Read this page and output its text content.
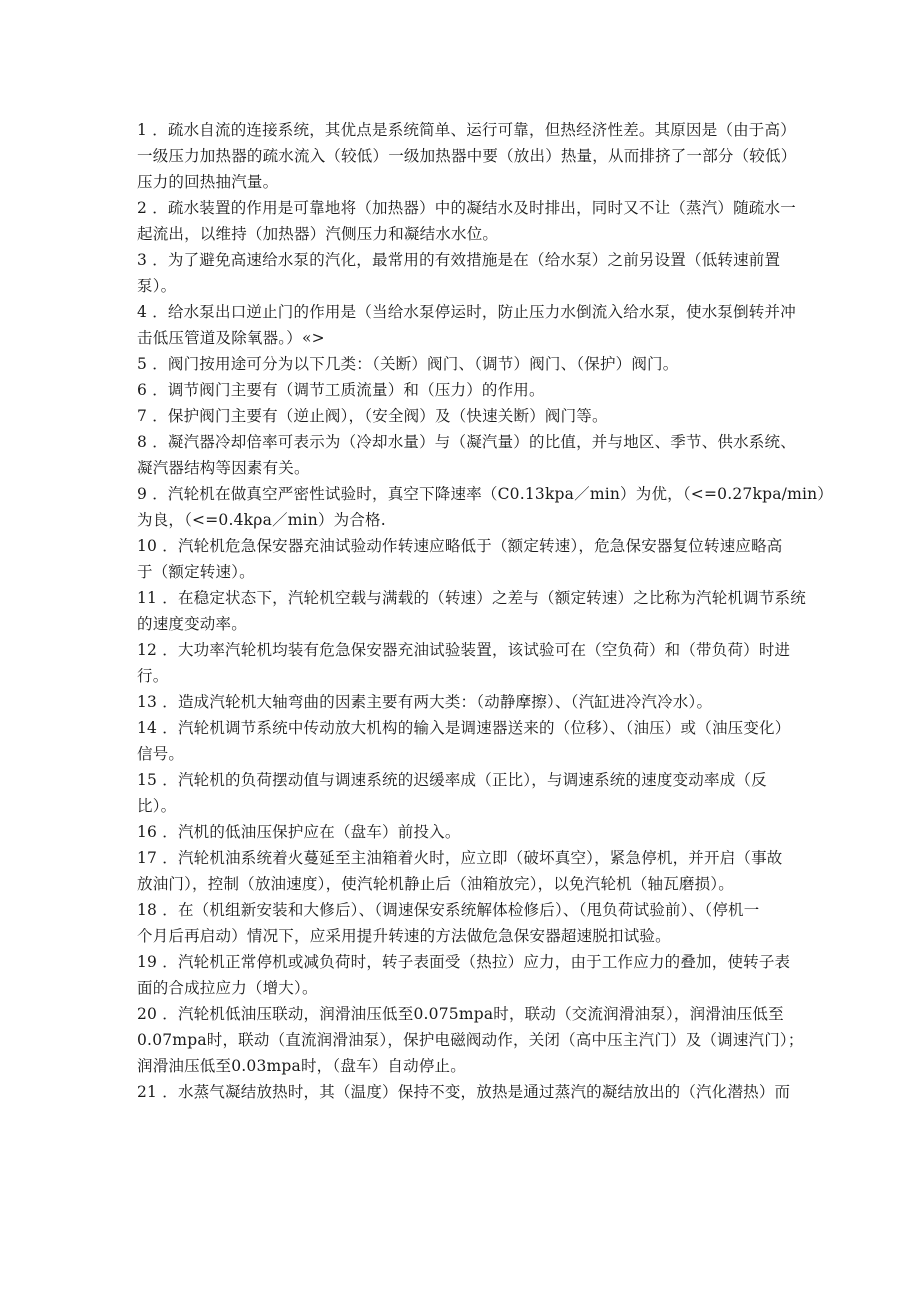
1 ．疏水自流的连接系统，其优点是系统简单、运行可靠，但热经济性差。其原因是（由于高）
一级压力加热器的疏水流入（较低）一级加热器中要（放出）热量，从而排挤了一部分（较低）
压力的回热抽汽量。
2 ．疏水装置的作用是可靠地将（加热器）中的凝结水及时排出，同时又不让（蒸汽）随疏水一
起流出，以维持（加热器）汽侧压力和凝结水水位。
3 ．为了避免高速给水泵的汽化，最常用的有效措施是在（给水泵）之前另设置（低转速前置
泵）。
4 ．给水泵出口逆止门的作用是（当给水泵停运时，防止压力水倒流入给水泵，使水泵倒转并冲
击低压管道及除氧器。）«>
5 ．阀门按用途可分为以下几类：（关断）阀门、（调节）阀门、（保护）阀门。
6 ．调节阀门主要有（调节工质流量）和（压力）的作用。
7 ．保护阀门主要有（逆止阀），（安全阀）及（快速关断）阀门等。
8 ．凝汽器冷却倍率可表示为（冷却水量）与（凝汽量）的比值，并与地区、季节、供水系统、
凝汽器结构等因素有关。
9 ．汽轮机在做真空严密性试验时，真空下降速率（C0.13kpa／min）为优，（<=0.27kpa/min）
为良，（<=0.4kρa／min）为合格.
10 ．汽轮机危急保安器充油试验动作转速应略低于（额定转速），危急保安器复位转速应略高
于（额定转速）。
11 ．在稳定状态下，汽轮机空载与满载的（转速）之差与（额定转速）之比称为汽轮机调节系统
的速度变动率。
12 ．大功率汽轮机均装有危急保安器充油试验装置，该试验可在（空负荷）和（带负荷）时进
行。
13 ．造成汽轮机大轴弯曲的因素主要有两大类：（动静摩擦）、（汽缸进冷汽冷水）。
14 ．汽轮机调节系统中传动放大机构的输入是调速器送来的（位移）、（油压）或（油压变化）
信号。
15 ．汽轮机的负荷摆动值与调速系统的迟缓率成（正比），与调速系统的速度变动率成（反
比）。
16 ．汽机的低油压保护应在（盘车）前投入。
17 ．汽轮机油系统着火蔓延至主油箱着火时，应立即（破坏真空），紧急停机，并开启（事故
放油门），控制（放油速度），使汽轮机静止后（油箱放完），以免汽轮机（轴瓦磨损）。
18 ．在（机组新安装和大修后）、（调速保安系统解体检修后）、（甩负荷试验前）、（停机一
个月后再启动）情况下，应采用提升转速的方法做危急保安器超速脱扣试验。
19 ．汽轮机正常停机或减负荷时，转子表面受（热拉）应力，由于工作应力的叠加，使转子表
面的合成拉应力（增大）。
20 ．汽轮机低油压联动，润滑油压低至0.075mpa时，联动（交流润滑油泵），润滑油压低至
0.07mpa时，联动（直流润滑油泵），保护电磁阀动作，关闭（高中压主汽门）及（调速汽门）；
润滑油压低至0.03mpa时，（盘车）自动停止。
21 ．水蒸气凝结放热时，其（温度）保持不变，放热是通过蒸汽的凝结放出的（汽化潜热）而
